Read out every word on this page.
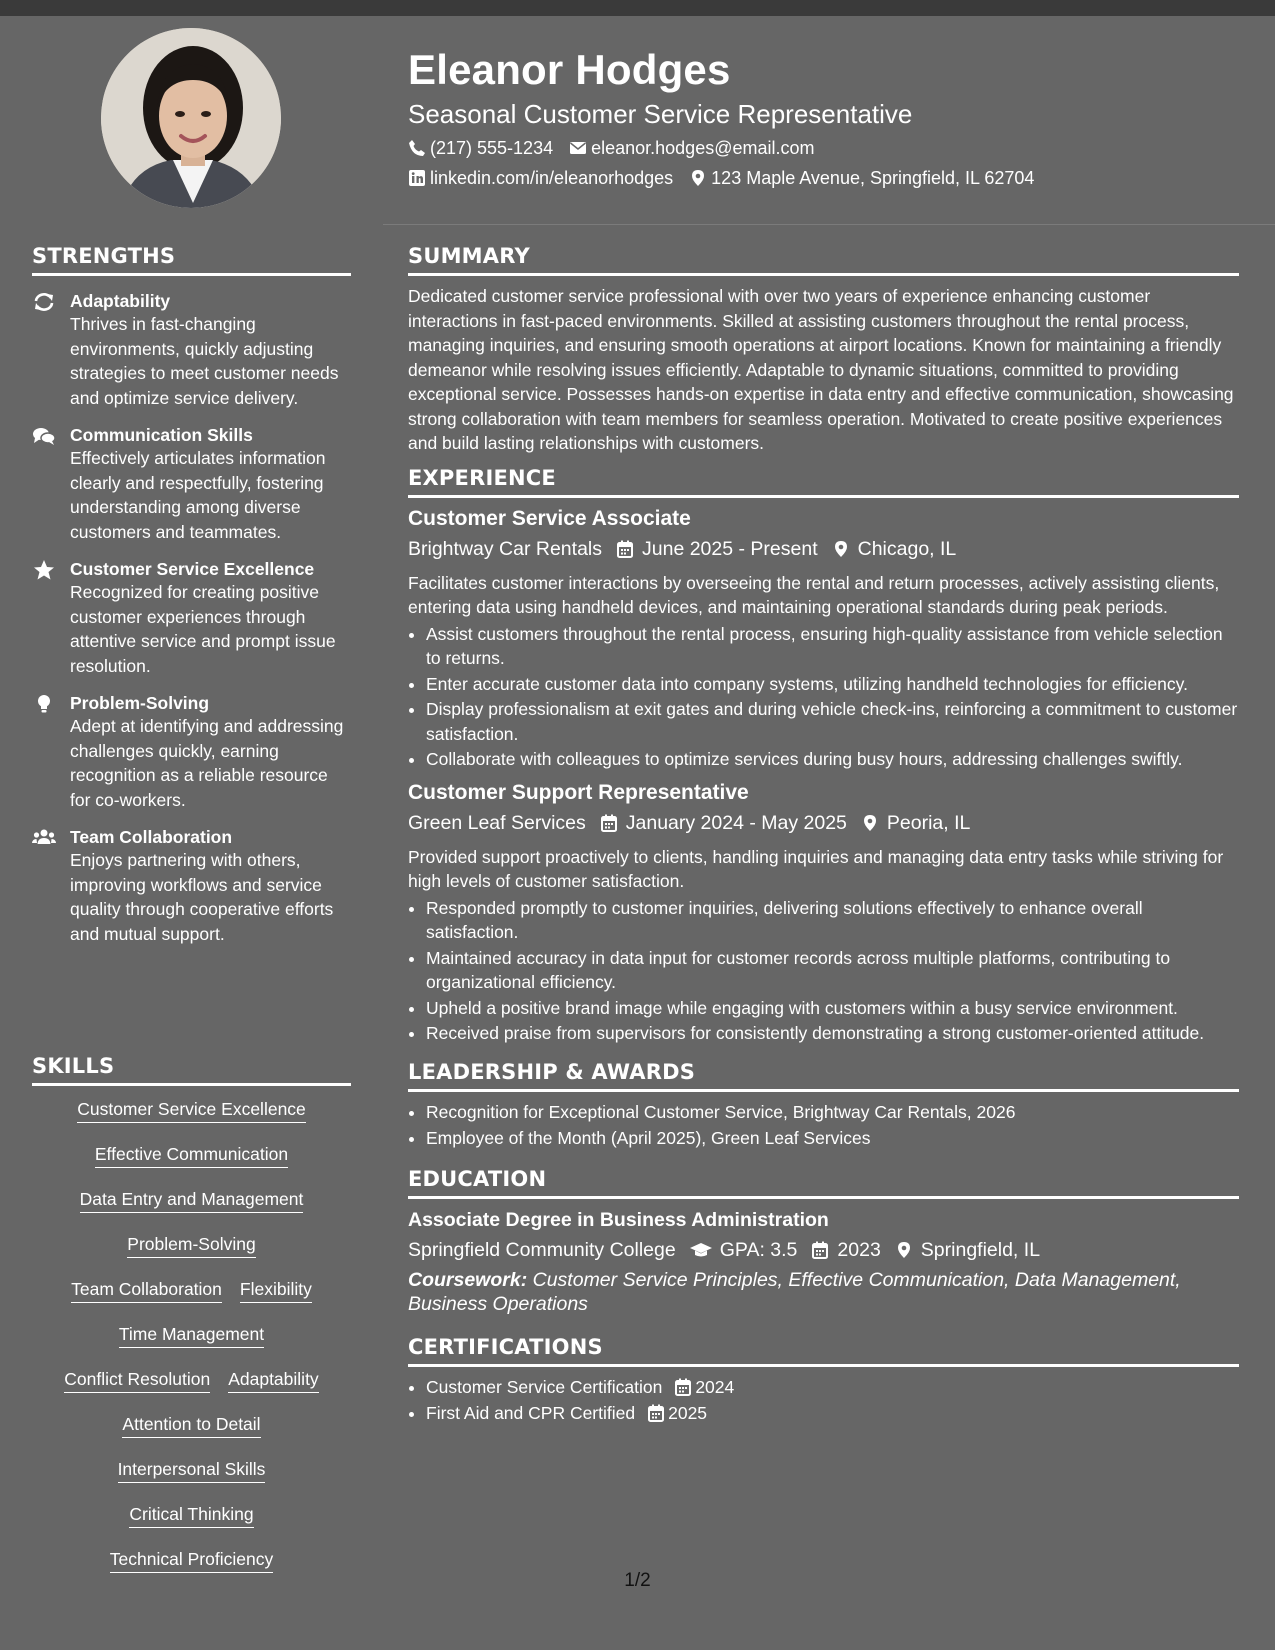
STRENGTHS
Adaptability
Thrives in fast-changing environments, quickly adjusting strategies to meet customer needs and optimize service delivery.
Communication Skills
Effectively articulates information clearly and respectfully, fostering understanding among diverse customers and teammates.
Customer Service Excellence
Recognized for creating positive customer experiences through attentive service and prompt issue resolution.
Problem-Solving
Adept at identifying and addressing challenges quickly, earning recognition as a reliable resource for co-workers.
Team Collaboration
Enjoys partnering with others, improving workflows and service quality through cooperative efforts and mutual support.
SKILLS
Customer Service Excellence
Effective Communication
Data Entry and Management
Problem-Solving
Team Collaboration Flexibility
Time Management
Conflict Resolution Adaptability
Attention to Detail
Interpersonal Skills
Critical Thinking
Technical Proficiency
Eleanor Hodges
Seasonal Customer Service Representative
(217) 555-1234 eleanor.hodges@email.com
linkedin.com/in/eleanorhodges 123 Maple Avenue, Springfield, IL 62704
SUMMARY
Dedicated customer service professional with over two years of experience enhancing customer interactions in fast-paced environments. Skilled at assisting customers throughout the rental process, managing inquiries, and ensuring smooth operations at airport locations. Known for maintaining a friendly demeanor while resolving issues efficiently. Adaptable to dynamic situations, committed to providing exceptional service. Possesses hands-on expertise in data entry and effective communication, showcasing strong collaboration with team members for seamless operation. Motivated to create positive experiences and build lasting relationships with customers.
EXPERIENCE
Customer Service Associate
Brightway Car Rentals June 2025 - Present Chicago, IL
Facilitates customer interactions by overseeing the rental and return processes, actively assisting clients, entering data using handheld devices, and maintaining operational standards during peak periods.
• Assist customers throughout the rental process, ensuring high-quality assistance from vehicle selection to returns.
• Enter accurate customer data into company systems, utilizing handheld technologies for efficiency.
• Display professionalism at exit gates and during vehicle check-ins, reinforcing a commitment to customer satisfaction.
• Collaborate with colleagues to optimize services during busy hours, addressing challenges swiftly.
Customer Support Representative
Green Leaf Services January 2024 - May 2025 Peoria, IL
Provided support proactively to clients, handling inquiries and managing data entry tasks while striving for high levels of customer satisfaction.
• Responded promptly to customer inquiries, delivering solutions effectively to enhance overall satisfaction.
• Maintained accuracy in data input for customer records across multiple platforms, contributing to organizational efficiency.
• Upheld a positive brand image while engaging with customers within a busy service environment.
• Received praise from supervisors for consistently demonstrating a strong customer-oriented attitude.
LEADERSHIP & AWARDS
• Recognition for Exceptional Customer Service, Brightway Car Rentals, 2026
• Employee of the Month (April 2025), Green Leaf Services
EDUCATION
Associate Degree in Business Administration
Springfield Community College GPA: 3.5 2023 Springfield, IL
Coursework: Customer Service Principles, Effective Communication, Data Management, Business Operations
CERTIFICATIONS
• Customer Service Certification 2024
• First Aid and CPR Certified 2025
1/2
